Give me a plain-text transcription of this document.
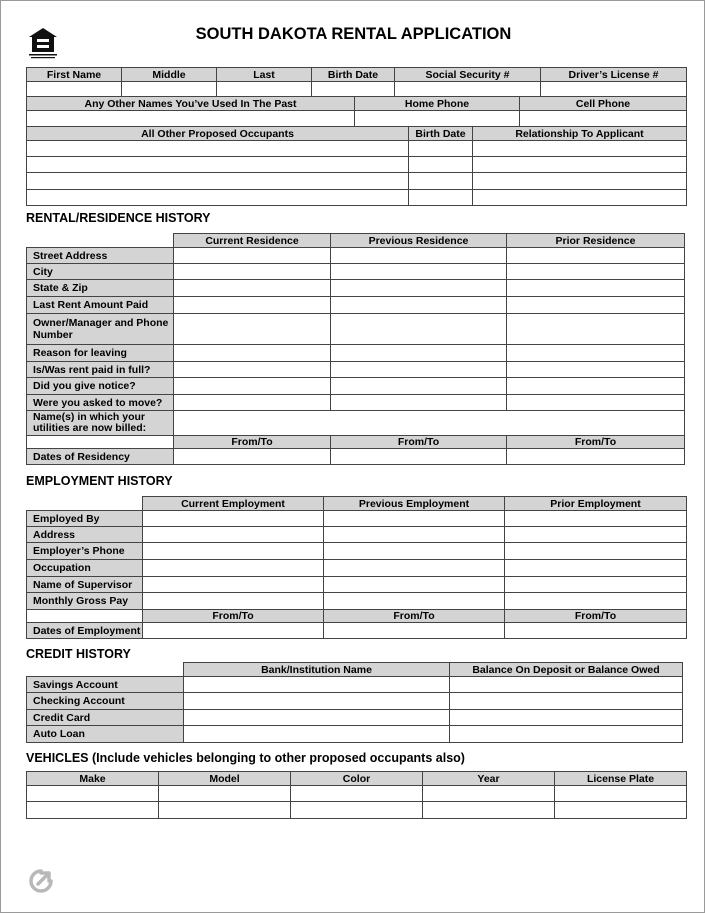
SOUTH DAKOTA RENTAL APPLICATION
First Name	Middle	Last	Birth Date	Social Security #	Driver’s License #

Any Other Names You’ve Used In The Past	Home Phone	Cell Phone

All Other Proposed Occupants	Birth Date	Relationship To Applicant

RENTAL/RESIDENCE HISTORY
	Current Residence	Previous Residence	Prior Residence
Street Address			
City			
State & Zip			
Last Rent Amount Paid			
Owner/Manager and Phone Number			
Reason for leaving			
Is/Was rent paid in full?			
Did you give notice?			
Were you asked to move?			
Name(s) in which your utilities are now billed:			
	From/To	From/To	From/To
Dates of Residency			
EMPLOYMENT HISTORY
	Current Employment	Previous Employment	Prior Employment
Employed By			
Address			
Employer’s Phone			
Occupation			
Name of Supervisor			
Monthly Gross Pay			
	From/To	From/To	From/To
Dates of Employment			
CREDIT HISTORY
	Bank/Institution Name	Balance On Deposit or Balance Owed
Savings Account		
Checking Account		
Credit Card		
Auto Loan		
VEHICLES (Include vehicles belonging to other proposed occupants also)
Make	Model	Color	Year	License Plate
